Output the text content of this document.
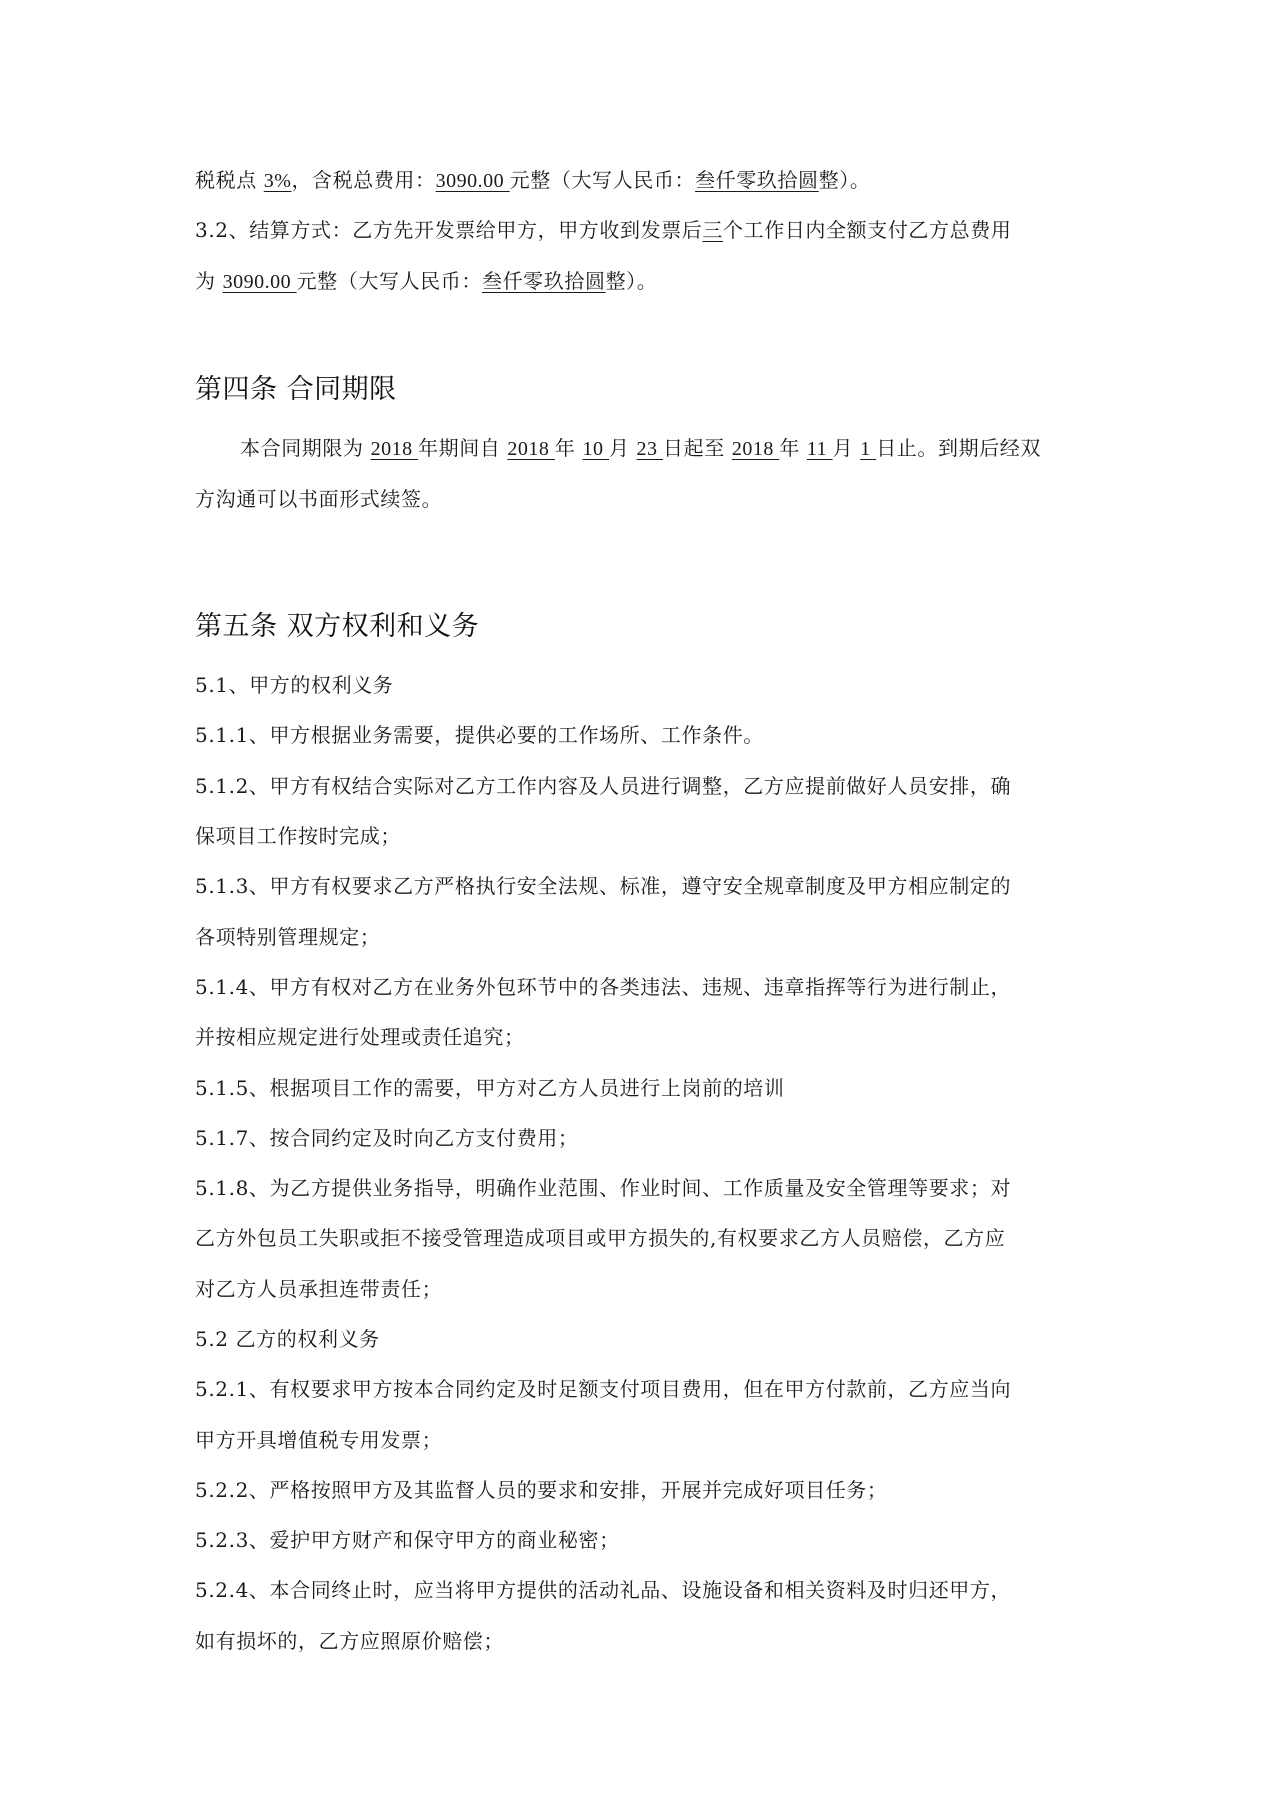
税税点 3%，含税总费用：3090.00 元整（大写人民币：叁仟零玖拾圆整）。
3.2、结算方式：乙方先开发票给甲方，甲方收到发票后三个工作日内全额支付乙方总费用
为 3090.00 元整（大写人民币：叁仟零玖拾圆整）。
第四条 合同期限
本合同期限为 2018 年期间自 2018 年 10 月 23 日起至 2018 年 11 月 1 日止。到期后经双
方沟通可以书面形式续签。
第五条 双方权利和义务
5.1、甲方的权利义务
5.1.1、甲方根据业务需要，提供必要的工作场所、工作条件。
5.1.2、甲方有权结合实际对乙方工作内容及人员进行调整，乙方应提前做好人员安排，确
保项目工作按时完成；
5.1.3、甲方有权要求乙方严格执行安全法规、标准，遵守安全规章制度及甲方相应制定的
各项特别管理规定；
5.1.4、甲方有权对乙方在业务外包环节中的各类违法、违规、违章指挥等行为进行制止，
并按相应规定进行处理或责任追究；
5.1.5、根据项目工作的需要，甲方对乙方人员进行上岗前的培训
5.1.7、按合同约定及时向乙方支付费用；
5.1.8、为乙方提供业务指导，明确作业范围、作业时间、工作质量及安全管理等要求；对
乙方外包员工失职或拒不接受管理造成项目或甲方损失的,有权要求乙方人员赔偿，乙方应
对乙方人员承担连带责任；
5.2 乙方的权利义务
5.2.1、有权要求甲方按本合同约定及时足额支付项目费用，但在甲方付款前，乙方应当向
甲方开具增值税专用发票；
5.2.2、严格按照甲方及其监督人员的要求和安排，开展并完成好项目任务；
5.2.3、爱护甲方财产和保守甲方的商业秘密；
5.2.4、本合同终止时，应当将甲方提供的活动礼品、设施设备和相关资料及时归还甲方，
如有损坏的，乙方应照原价赔偿；
